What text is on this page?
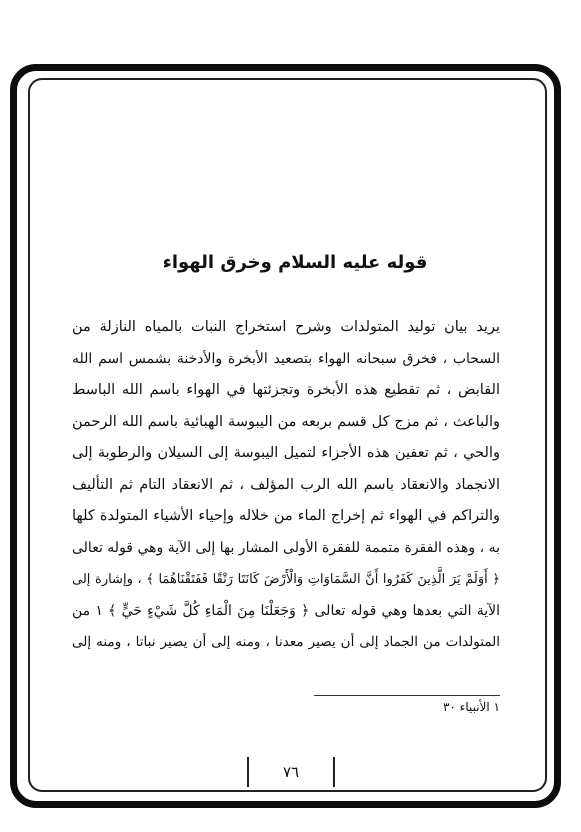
قوله عليه السلام وخرق الهواء
يريد بيان توليد المتولدات وشرح استخراج النبات بالمياه النازلة من
السحاب ، فخرق سبحانه الهواء بتصعيد الأبخرة والأدخنة بشمس اسم الله
القابض ، ثم تقطيع هذه الأبخرة وتجزئتها في الهواء باسم الله الباسط
والباعث ، ثم مزج كل قسم بربعه من اليبوسة الهبائية باسم الله الرحمن
والحي ، ثم تعفين هذه الأجزاء لتميل اليبوسة إلى السيلان والرطوبة إلى
الانجماد والانعقاد باسم الله الرب المؤلف ، ثم الانعقاد التام ثم التأليف
والتراكم في الهواء ثم إخراج الماء من خلاله وإحياء الأشياء المتولدة كلها
به ، وهذه الفقرة متممة للفقرة الأولى المشار بها إلى الآية وهي قوله تعالى
﴿ أَوَلَمْ يَرَ الَّذِينَ كَفَرُوا أَنَّ السَّمَاوَاتِ وَالْأَرْضَ كَانَتَا رَتْقًا فَفَتَقْنَاهُمَا ﴾ ، وإشارة إلى
الآية التي بعدها وهي قوله تعالى ﴿ وَجَعَلْنَا مِنَ الْمَاءِ كُلَّ شَيْءٍ حَيٍّ ﴾ ١ من
المتولدات من الجماد إلى أن يصير معدنا ، ومنه إلى أن يصير نباتا ، ومنه إلى
١ الأنبياء ٣٠
٧٦
